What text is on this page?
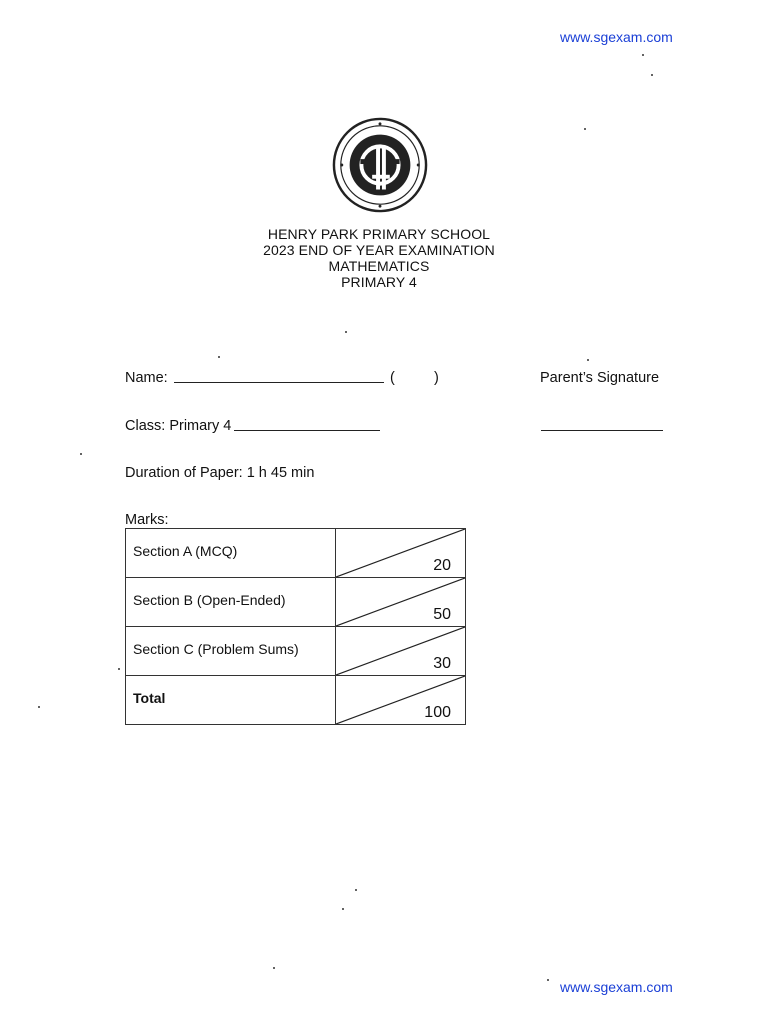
www.sgexam.com
HENRY PARK PRIMARY SCHOOL
2023 END OF YEAR EXAMINATION
MATHEMATICS
PRIMARY 4
Name:	(	)	Parent’s Signature
Class: Primary 4
Duration of Paper: 1 h 45 min
Marks:
Section A (MCQ)	20

Section B (Open-Ended)	50

Section C (Problem Sums)	30

Total	100
www.sgexam.com
